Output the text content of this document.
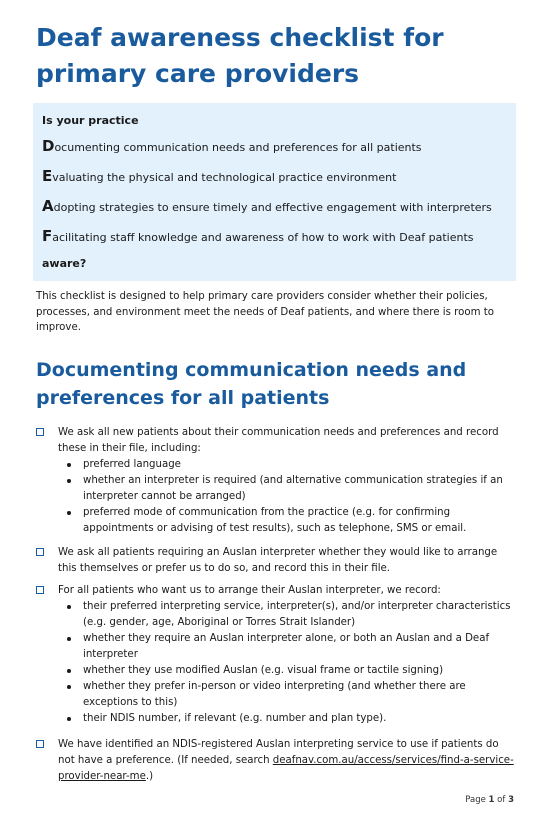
Deaf awareness checklist for primary care providers
Is your practice
Documenting communication needs and preferences for all patients
Evaluating the physical and technological practice environment
Adopting strategies to ensure timely and effective engagement with interpreters
Facilitating staff knowledge and awareness of how to work with Deaf patients
aware?

This checklist is designed to help primary care providers consider whether their policies, processes, and environment meet the needs of Deaf patients, and where there is room to improve.

Documenting communication needs and preferences for all patients
We ask all new patients about their communication needs and preferences and record these in their file, including:
preferred language
whether an interpreter is required (and alternative communication strategies if an interpreter cannot be arranged)
preferred mode of communication from the practice (e.g. for confirming appointments or advising of test results), such as telephone, SMS or email.
We ask all patients requiring an Auslan interpreter whether they would like to arrange this themselves or prefer us to do so, and record this in their file.
For all patients who want us to arrange their Auslan interpreter, we record:
their preferred interpreting service, interpreter(s), and/or interpreter characteristics (e.g. gender, age, Aboriginal or Torres Strait Islander)
whether they require an Auslan interpreter alone, or both an Auslan and a Deaf interpreter
whether they use modified Auslan (e.g. visual frame or tactile signing)
whether they prefer in-person or video interpreting (and whether there are exceptions to this)
their NDIS number, if relevant (e.g. number and plan type).
We have identified an NDIS-registered Auslan interpreting service to use if patients do not have a preference. (If needed, search deafnav.com.au/access/services/find-a-service-provider-near-me.)
Page 1 of 3
